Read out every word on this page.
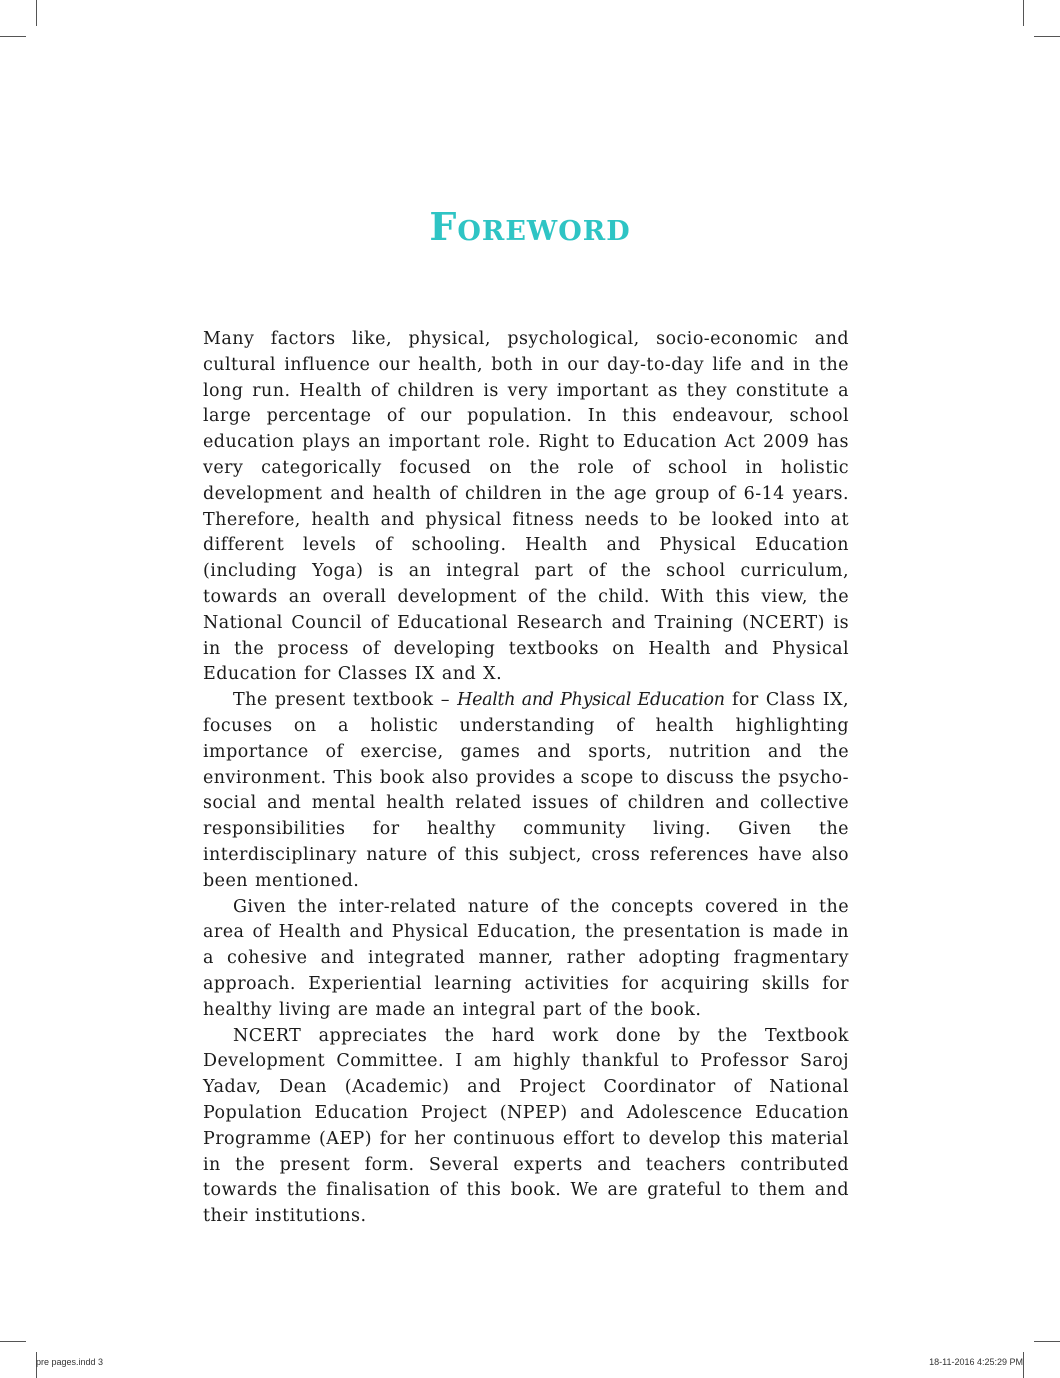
FOREWORD

Many factors like, physical, psychological, socio-economic and cultural influence our health, both in our day-to-day life and in the long run. Health of children is very important as they constitute a large percentage of our population. In this endeavour, school education plays an important role. Right to Education Act 2009 has very categorically focused on the role of school in holistic development and health of children in the age group of 6-14 years. Therefore, health and physical fitness needs to be looked into at different levels of schooling. Health and Physical Education (including Yoga) is an integral part of the school curriculum, towards an overall development of the child. With this view, the National Council of Educational Research and Training (NCERT) is in the process of developing textbooks on Health and Physical Education for Classes IX and X.

The present textbook – Health and Physical Education for Class IX, focuses on a holistic understanding of health highlighting importance of exercise, games and sports, nutrition and the environment. This book also provides a scope to discuss the psycho-social and mental health related issues of children and collective responsibilities for healthy community living. Given the interdisciplinary nature of this subject, cross references have also been mentioned.

Given the inter-related nature of the concepts covered in the area of Health and Physical Education, the presentation is made in a cohesive and integrated manner, rather adopting fragmentary approach. Experiential learning activities for acquiring skills for healthy living are made an integral part of the book.

NCERT appreciates the hard work done by the Textbook Development Committee. I am highly thankful to Professor Saroj Yadav, Dean (Academic) and Project Coordinator of National Population Education Project (NPEP) and Adolescence Education Programme (AEP) for her continuous effort to develop this material in the present form. Several experts and teachers contributed towards the finalisation of this book. We are grateful to them and their institutions.

pre pages.indd 3	18-11-2016 4:25:29 PM
